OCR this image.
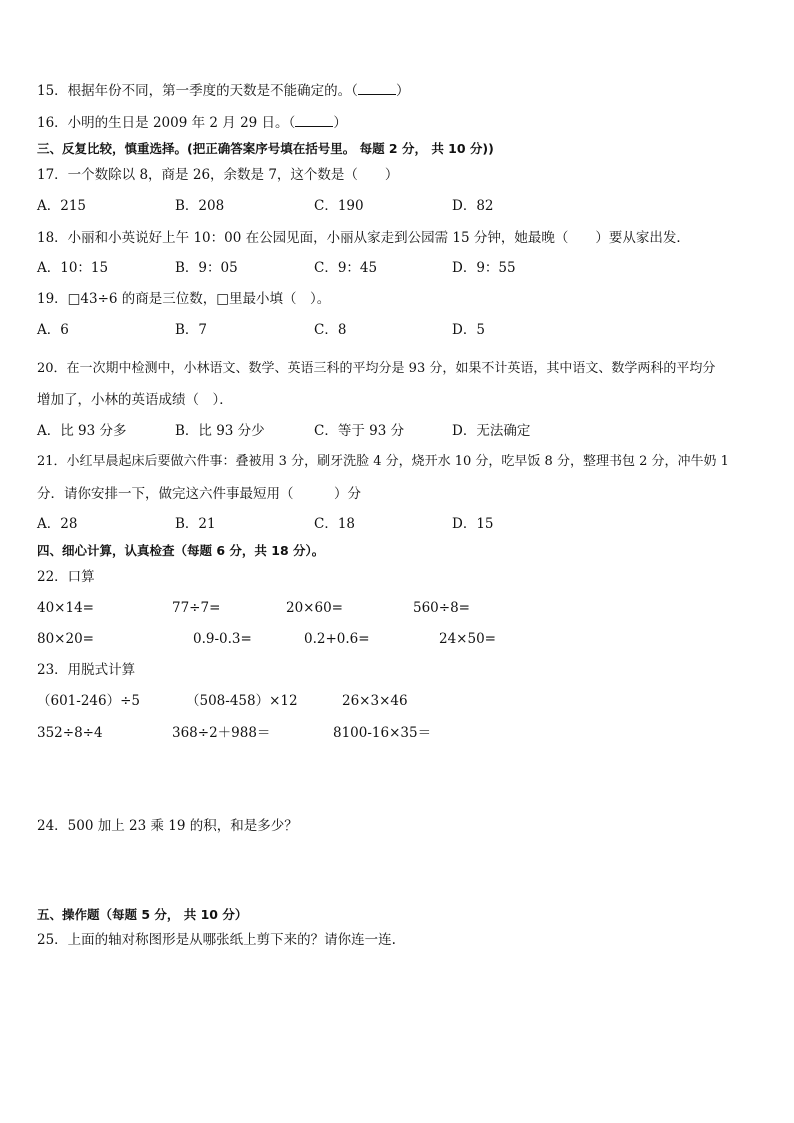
15．根据年份不同，第一季度的天数是不能确定的。（	）
16．小明的生日是 2009 年 2 月 29 日。（	）
三、反复比较，慎重选择。(把正确答案序号填在括号里。 每题 2 分， 共 10 分))
17．一个数除以 8，商是 26，余数是 7，这个数是（　　）
A．215	B．208	C．190	D．82
18．小丽和小英说好上午 10：00 在公园见面，小丽从家走到公园需 15 分钟，她最晚（　　）要从家出发．
A．10：15	B．9：05	C．9：45	D．9：55
19．□43÷6 的商是三位数，□里最小填（　）。
A．6	B．7	C．8	D．5
20．在一次期中检测中，小林语文、数学、英语三科的平均分是 93 分，如果不计英语，其中语文、数学两科的平均分
增加了，小林的英语成绩（　）．
A．比 93 分多	B．比 93 分少	C．等于 93 分	D．无法确定
21．小红早晨起床后要做六件事：叠被用 3 分，刷牙洗脸 4 分，烧开水 10 分，吃早饭 8 分，整理书包 2 分，冲牛奶 1
分．请你安排一下，做完这六件事最短用（　　　）分
A．28	B．21	C．18	D．15
四、细心计算，认真检查（每题 6 分，共 18 分）。
22．口算
40×14=	77÷7=	20×60=	560÷8=
80×20=	0.9-0.3=	0.2+0.6=	24×50=
23．用脱式计算
（601-246）÷5	（508-458）×12	26×3×46
352÷8÷4	368÷2＋988＝	8100-16×35＝
24．500 加上 23 乘 19 的积，和是多少？
五、操作题（每题 5 分， 共 10 分）
25．上面的轴对称图形是从哪张纸上剪下来的？请你连一连.
